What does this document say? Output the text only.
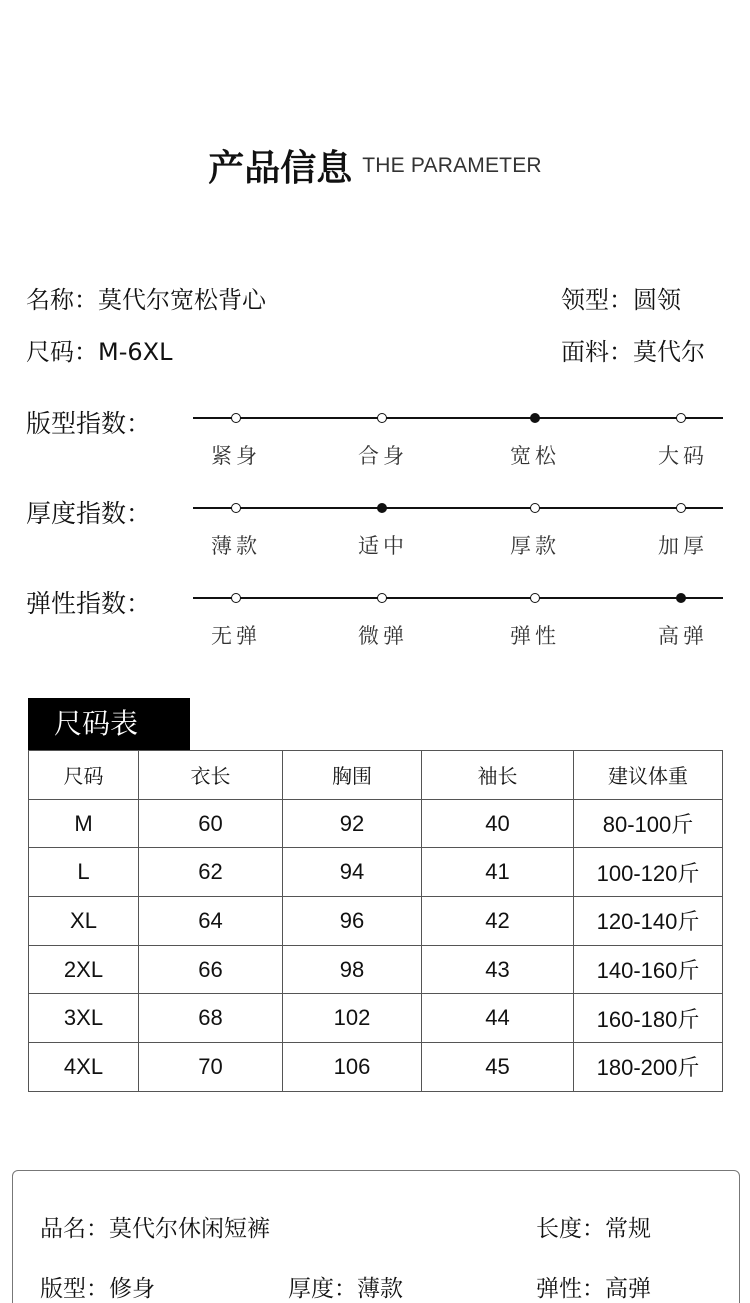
产品信息 THE PARAMETER
名称：莫代尔宽松背心	领型：圆领
尺码：M-6XL	面料：莫代尔
版型指数：
紧身	合身	宽松	大码
厚度指数：
薄款	适中	厚款	加厚
弹性指数：
无弹	微弹	弹性	高弹
尺码表
尺码	衣长	胸围	袖长	建议体重
M	60	92	40	80-100斤
L	62	94	41	100-120斤
XL	64	96	42	120-140斤
2XL	66	98	43	140-160斤
3XL	68	102	44	160-180斤
4XL	70	106	45	180-200斤
品名：莫代尔休闲短裤	长度：常规
版型：修身	厚度：薄款	弹性：高弹
